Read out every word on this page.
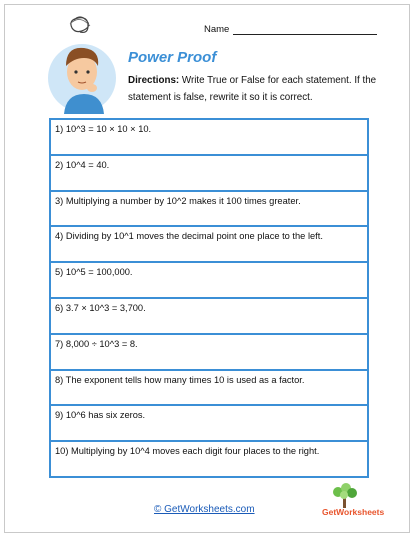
Name
Power Proof
Directions: Write True or False for each statement. If the statement is false, rewrite it so it is correct.
1) 10^3 = 10 × 10 × 10.
2) 10^4 = 40.
3) Multiplying a number by 10^2 makes it 100 times greater.
4) Dividing by 10^1 moves the decimal point one place to the left.
5) 10^5 = 100,000.
6) 3.7 × 10^3 = 3,700.
7) 8,000 ÷ 10^3 = 8.
8) The exponent tells how many times 10 is used as a factor.
9) 10^6 has six zeros.
10) Multiplying by 10^4 moves each digit four places to the right.
© GetWorksheets.com	GetWorksheets
